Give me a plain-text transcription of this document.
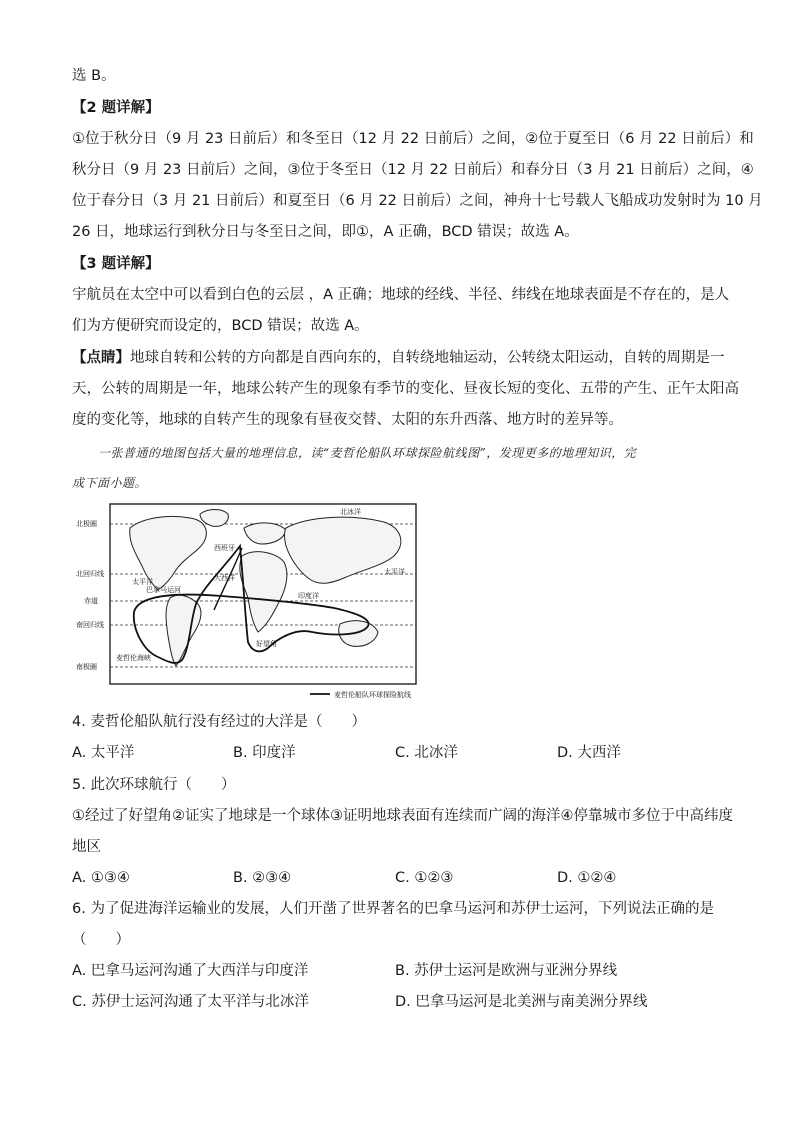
选 B。
【2 题详解】
①位于秋分日（9 月 23 日前后）和冬至日（12 月 22 日前后）之间，②位于夏至日（6 月 22 日前后）和
秋分日（9 月 23 日前后）之间，③位于冬至日（12 月 22 日前后）和春分日（3 月 21 日前后）之间，④
位于春分日（3 月 21 日前后）和夏至日（6 月 22 日前后）之间，神舟十七号载人飞船成功发射时为 10 月
26 日，地球运行到秋分日与冬至日之间，即①，A 正确，BCD 错误；故选 A。
【3 题详解】
宇航员在太空中可以看到白色的云层 ，A 正确；地球的经线、半径、纬线在地球表面是不存在的，是人
们为方便研究而设定的，BCD 错误；故选 A。
【点睛】地球自转和公转的方向都是自西向东的，自转绕地轴运动，公转绕太阳运动，自转的周期是一
天，公转的周期是一年，地球公转产生的现象有季节的变化、昼夜长短的变化、五带的产生、正午太阳高
度的变化等，地球的自转产生的现象有昼夜交替、太阳的东升西落、地方时的差异等。
一张普通的地图包括大量的地理信息，读“麦哲伦船队环球探险航线图”，发现更多的地理知识，完
成下面小题。
北极圈
北回归线
赤道
南回归线
南极圈
北冰洋
西班牙
大西洋
太平洋
印度洋
太平洋
好望角
麦哲伦海峡
巴拿马运河
麦哲伦船队环球探险航线
4. 麦哲伦船队航行没有经过的大洋是（　　）
A. 太平洋	B. 印度洋	C. 北冰洋	D. 大西洋
5. 此次环球航行（　　）
①经过了好望角②证实了地球是一个球体③证明地球表面有连续而广阔的海洋④停靠城市多位于中高纬度
地区
A. ①③④	B. ②③④	C. ①②③	D. ①②④
6. 为了促进海洋运输业的发展，人们开凿了世界著名的巴拿马运河和苏伊士运河，下列说法正确的是
（　　）
A. 巴拿马运河沟通了大西洋与印度洋	B. 苏伊士运河是欧洲与亚洲分界线
C. 苏伊士运河沟通了太平洋与北冰洋	D. 巴拿马运河是北美洲与南美洲分界线
